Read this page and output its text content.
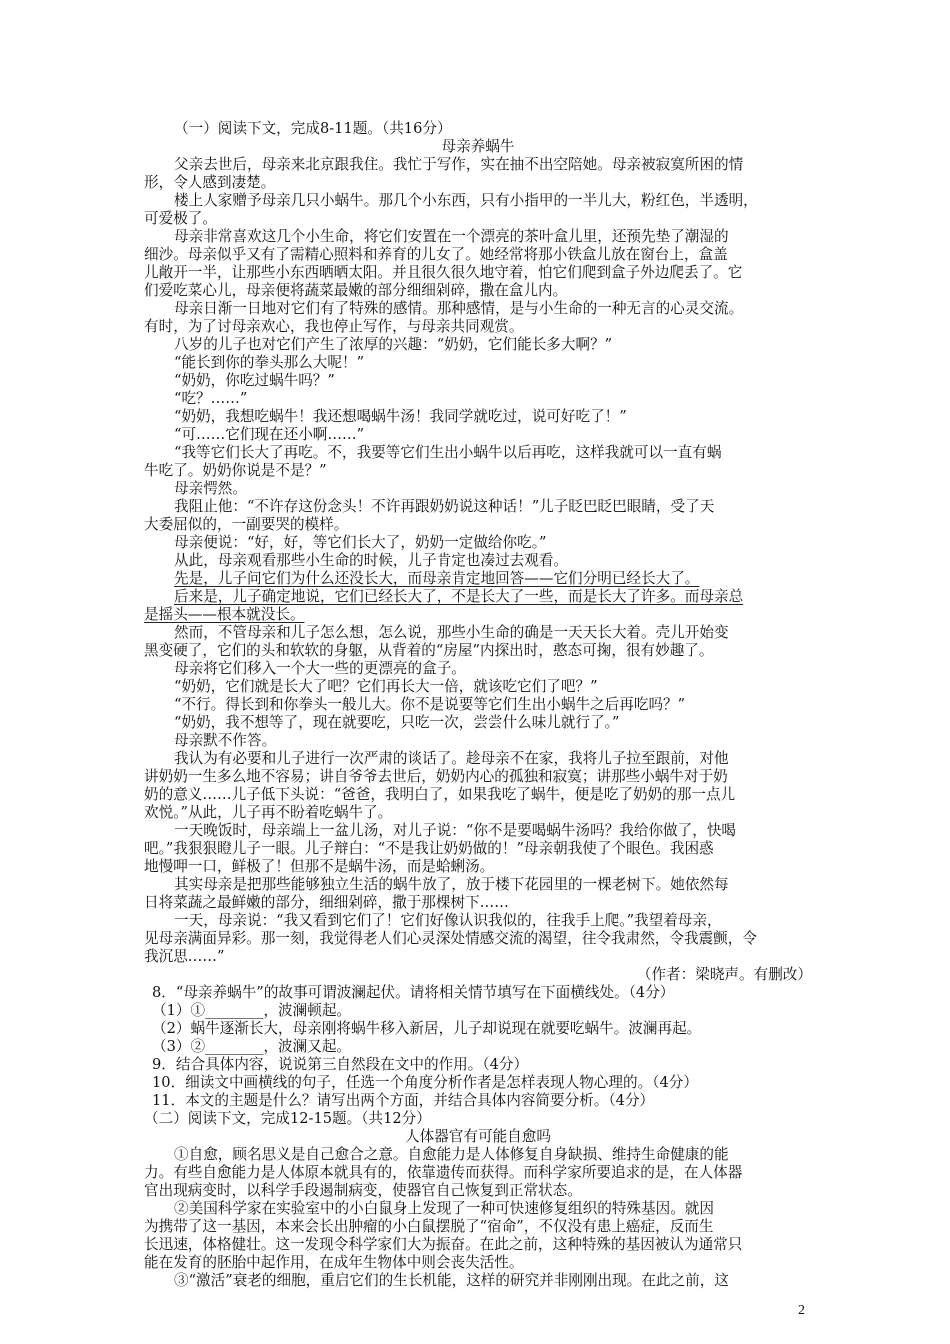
（一）阅读下文，完成8-11题。（共16分）
母亲养蜗牛
父亲去世后，母亲来北京跟我住。我忙于写作，实在抽不出空陪她。母亲被寂寞所困的情
形，令人感到凄楚。
楼上人家赠予母亲几只小蜗牛。那几个小东西，只有小指甲的一半儿大，粉红色，半透明，
可爱极了。
母亲非常喜欢这几个小生命，将它们安置在一个漂亮的茶叶盒儿里，还预先垫了潮湿的
细沙。母亲似乎又有了需精心照料和养育的儿女了。她经常将那小铁盒儿放在窗台上，盒盖
儿敞开一半，让那些小东西晒晒太阳。并且很久很久地守着，怕它们爬到盒子外边爬丢了。它
们爱吃菜心儿，母亲便将蔬菜最嫩的部分细细剁碎，撒在盒儿内。
母亲日渐一日地对它们有了特殊的感情。那种感情，是与小生命的一种无言的心灵交流。
有时，为了讨母亲欢心，我也停止写作，与母亲共同观赏。
八岁的儿子也对它们产生了浓厚的兴趣：“奶奶，它们能长多大啊？”
“能长到你的拳头那么大呢！”
“奶奶，你吃过蜗牛吗？”
“吃？……”
“奶奶，我想吃蜗牛！我还想喝蜗牛汤！我同学就吃过，说可好吃了！”
“可……它们现在还小啊……”
“我等它们长大了再吃。不，我要等它们生出小蜗牛以后再吃，这样我就可以一直有蜗
牛吃了。奶奶你说是不是？”
母亲愕然。
我阻止他：“不许存这份念头！不许再跟奶奶说这种话！”儿子眨巴眨巴眼睛，受了天
大委屈似的，一副要哭的模样。
母亲便说：“好，好，等它们长大了，奶奶一定做给你吃。”
从此，母亲观看那些小生命的时候，儿子肯定也凑过去观看。
先是，儿子问它们为什么还没长大，而母亲肯定地回答——它们分明已经长大了。
后来是，儿子确定地说，它们已经长大了，不是长大了一些，而是长大了许多。而母亲总
是摇头——根本就没长。
然而，不管母亲和儿子怎么想，怎么说，那些小生命的确是一天天长大着。壳儿开始变
黑变硬了，它们的头和软软的身躯，从背着的“房屋”内探出时，憨态可掬，很有妙趣了。
母亲将它们移入一个大一些的更漂亮的盒子。
“奶奶，它们就是长大了吧？它们再长大一倍，就该吃它们了吧？”
“不行。得长到和你拳头一般儿大。你不是说要等它们生出小蜗牛之后再吃吗？”
“奶奶，我不想等了，现在就要吃，只吃一次，尝尝什么味儿就行了。”
母亲默不作答。
我认为有必要和儿子进行一次严肃的谈话了。趁母亲不在家，我将儿子拉至跟前，对他
讲奶奶一生多么地不容易；讲自爷爷去世后，奶奶内心的孤独和寂寞；讲那些小蜗牛对于奶
奶的意义……儿子低下头说：“爸爸，我明白了，如果我吃了蜗牛，便是吃了奶奶的那一点儿
欢悦。”从此，儿子再不盼着吃蜗牛了。
一天晚饭时，母亲端上一盆儿汤，对儿子说：“你不是要喝蜗牛汤吗？我给你做了，快喝
吧。”我狠狠瞪儿子一眼。儿子辩白：“不是我让奶奶做的！”母亲朝我使了个眼色。我困惑
地慢呷一口，鲜极了！但那不是蜗牛汤，而是蛤蜊汤。
其实母亲是把那些能够独立生活的蜗牛放了，放于楼下花园里的一棵老树下。她依然每
日将菜蔬之最鲜嫩的部分，细细剁碎，撒于那棵树下……
一天，母亲说：“我又看到它们了！它们好像认识我似的，往我手上爬。”我望着母亲，
见母亲满面异彩。那一刻，我觉得老人们心灵深处情感交流的渴望，往令我肃然，令我震颤，令
我沉思……”
（作者：梁晓声。有删改）
8．“母亲养蜗牛”的故事可谓波澜起伏。请将相关情节填写在下面横线处。（4分）
（1）①________，波澜顿起。
（2）蜗牛逐渐长大，母亲刚将蜗牛移入新居，儿子却说现在就要吃蜗牛。波澜再起。
（3）②________，波澜又起。
9．结合具体内容，说说第三自然段在文中的作用。（4分）
10．细读文中画横线的句子，任选一个角度分析作者是怎样表现人物心理的。（4分）
11．本文的主题是什么？请写出两个方面，并结合具体内容简要分析。（4分）
（二）阅读下文，完成12-15题。（共12分）
人体器官有可能自愈吗
①自愈，顾名思义是自己愈合之意。自愈能力是人体修复自身缺损、维持生命健康的能
力。有些自愈能力是人体原本就具有的，依靠遗传而获得。而科学家所要追求的是，在人体器
官出现病变时，以科学手段遏制病变，使器官自己恢复到正常状态。
②美国科学家在实验室中的小白鼠身上发现了一种可快速修复组织的特殊基因。就因
为携带了这一基因，本来会长出肿瘤的小白鼠摆脱了“宿命”，不仅没有患上癌症，反而生
长迅速，体格健壮。这一发现令科学家们大为振奋。在此之前，这种特殊的基因被认为通常只
能在发育的胚胎中起作用，在成年生物体中则会丧失活性。
③“激活”衰老的细胞，重启它们的生长机能，这样的研究并非刚刚出现。在此之前，这
2
